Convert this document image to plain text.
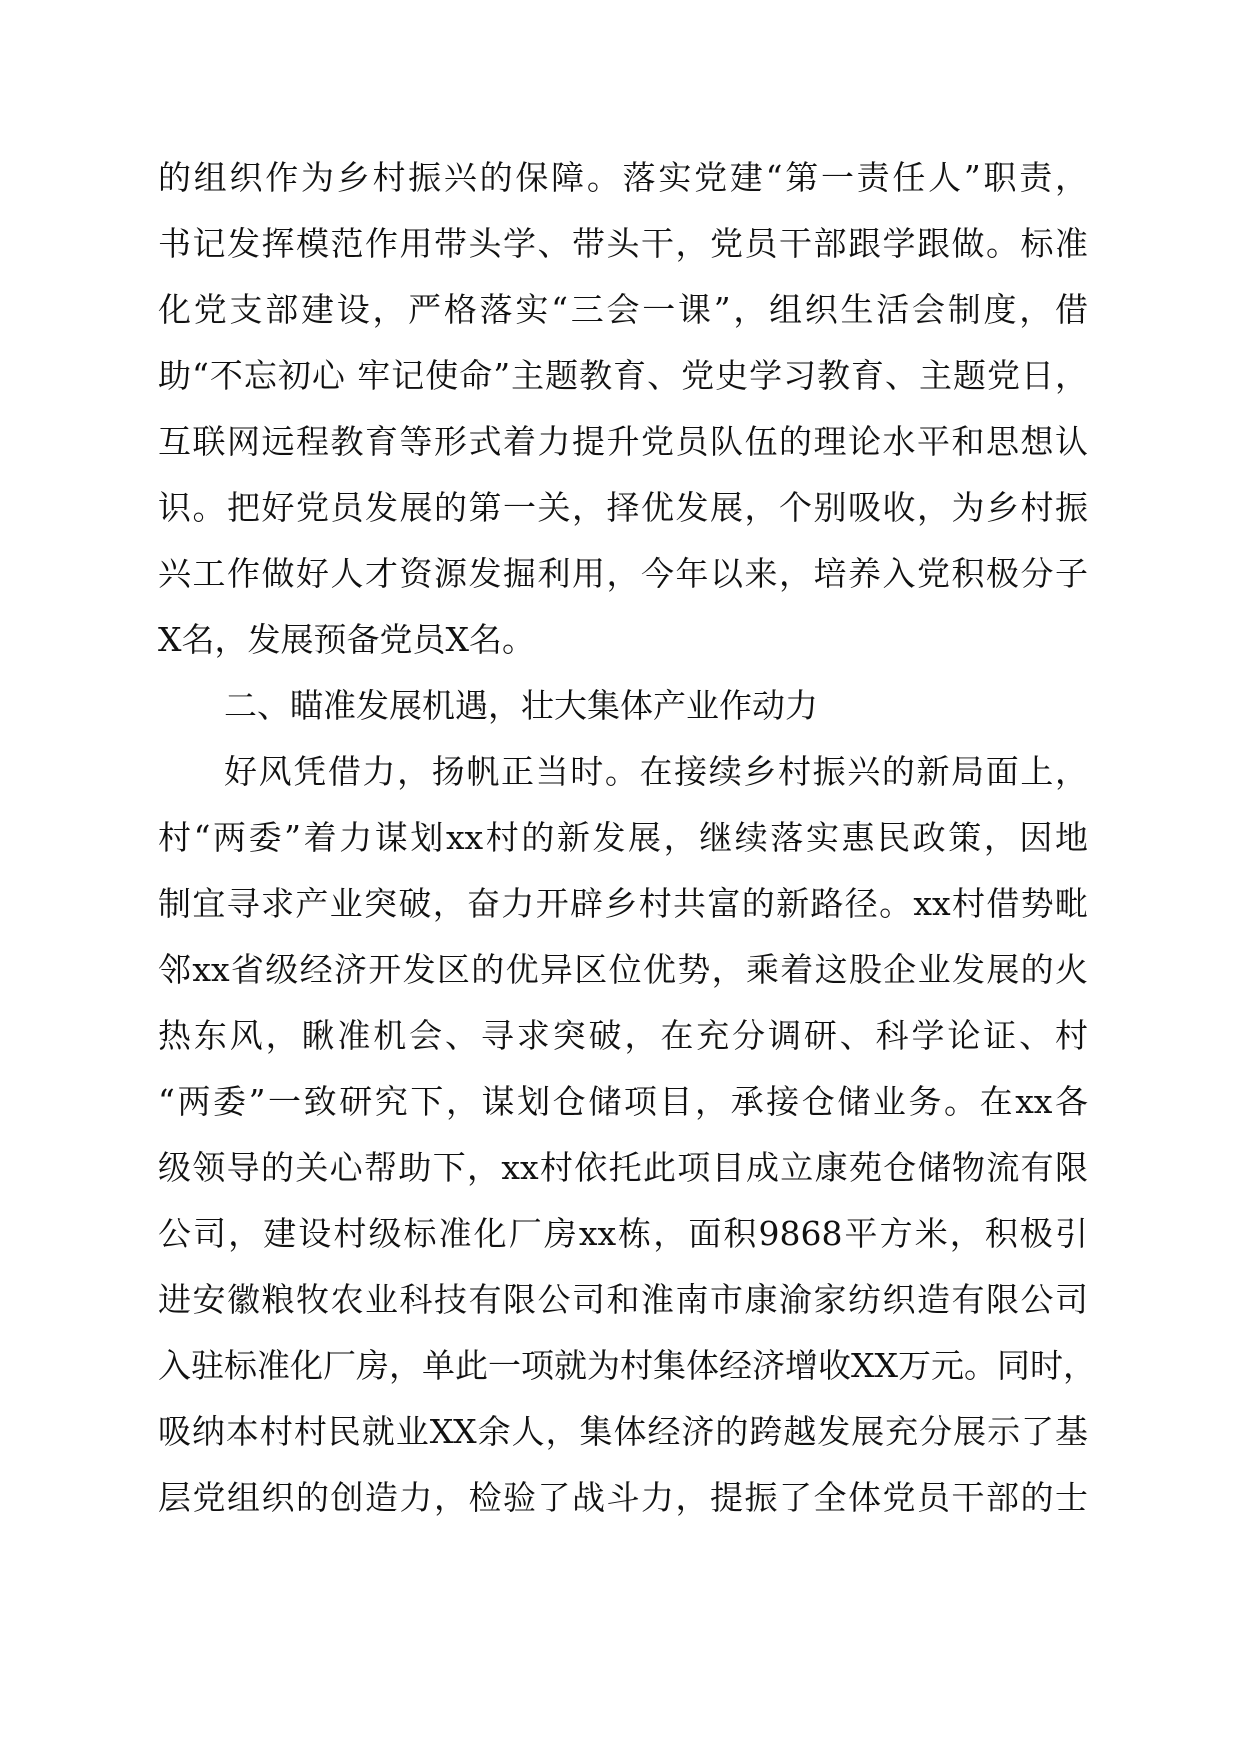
的组织作为乡村振兴的保障。落实党建“第一责任人”职责，
书记发挥模范作用带头学、带头干，党员干部跟学跟做。标准
化党支部建设，严格落实“三会一课”，组织生活会制度，借
助“不忘初心 牢记使命”主题教育、党史学习教育、主题党日，
互联网远程教育等形式着力提升党员队伍的理论水平和思想认
识。把好党员发展的第一关，择优发展，个别吸收，为乡村振
兴工作做好人才资源发掘利用，今年以来，培养入党积极分子
X名，发展预备党员X名。
二、瞄准发展机遇，壮大集体产业作动力
好风凭借力，扬帆正当时。在接续乡村振兴的新局面上，
村“两委”着力谋划xx村的新发展，继续落实惠民政策，因地
制宜寻求产业突破，奋力开辟乡村共富的新路径。xx村借势毗
邻xx省级经济开发区的优异区位优势，乘着这股企业发展的火
热东风，瞅准机会、寻求突破，在充分调研、科学论证、村
“两委”一致研究下，谋划仓储项目，承接仓储业务。在xx各
级领导的关心帮助下，xx村依托此项目成立康苑仓储物流有限
公司，建设村级标准化厂房xx栋，面积9868平方米，积极引
进安徽粮牧农业科技有限公司和淮南市康渝家纺织造有限公司
入驻标准化厂房，单此一项就为村集体经济增收XX万元。同时，
吸纳本村村民就业XX余人，集体经济的跨越发展充分展示了基
层党组织的创造力，检验了战斗力，提振了全体党员干部的士
